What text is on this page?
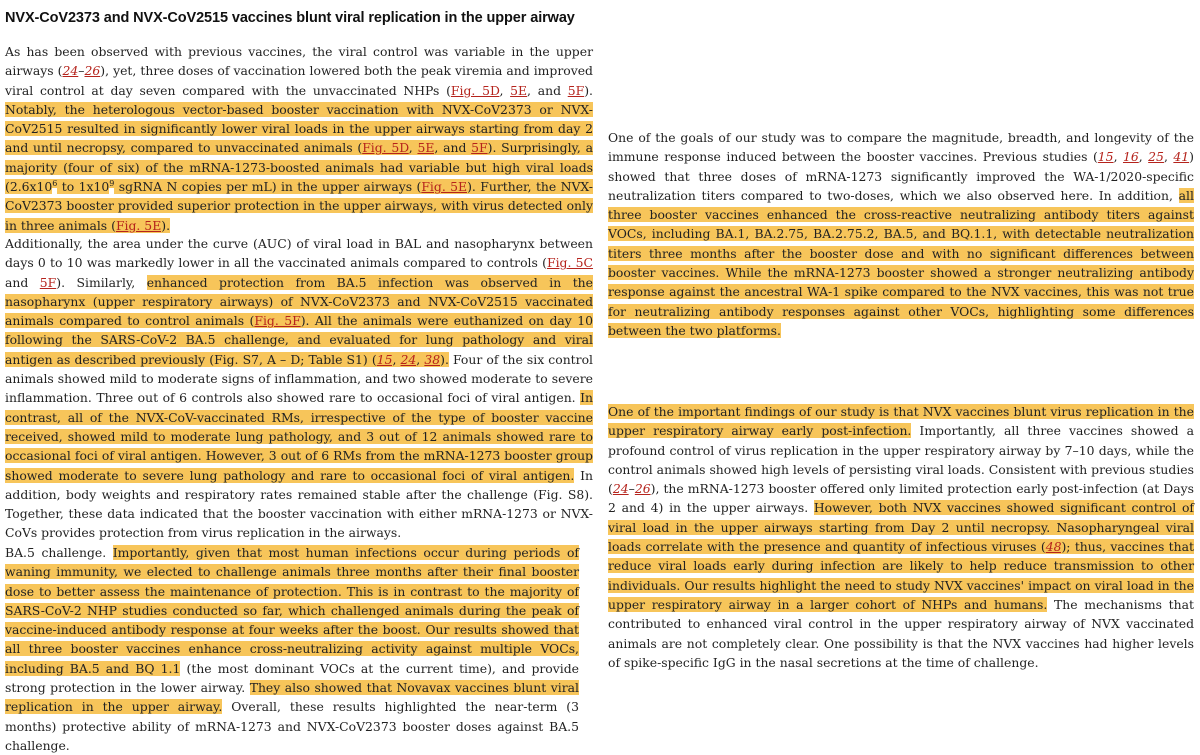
NVX-CoV2373 and NVX-CoV2515 vaccines blunt viral replication in the upper airway

As has been observed with previous vaccines, the viral control was variable in the upper airways (24–26), yet, three doses of vaccination lowered both the peak viremia and improved viral control at day seven compared with the unvaccinated NHPs (Fig. 5D, 5E, and 5F). Notably, the heterologous vector-based booster vaccination with NVX-CoV2373 or NVX-CoV2515 resulted in significantly lower viral loads in the upper airways starting from day 2 and until necropsy, compared to unvaccinated animals (Fig. 5D, 5E, and 5F). Surprisingly, a majority (four of six) of the mRNA-1273-boosted animals had variable but high viral loads ($2.6x10^6$ to $1x10^9$ sgRNA N copies per mL) in the upper airways (Fig. 5E). Further, the NVX-CoV2373 booster provided superior protection in the upper airways, with virus detected only in three animals (Fig. 5E).

Additionally, the area under the curve (AUC) of viral load in BAL and nasopharynx between days 0 to 10 was markedly lower in all the vaccinated animals compared to controls (Fig. 5C and 5F). Similarly, enhanced protection from BA.5 infection was observed in the nasopharynx (upper respiratory airways) of NVX-CoV2373 and NVX-CoV2515 vaccinated animals compared to control animals (Fig. 5F). All the animals were euthanized on day 10 following the SARS-CoV-2 BA.5 challenge, and evaluated for lung pathology and viral antigen as described previously (Fig. S7, A – D; Table S1) (15, 24, 38). Four of the six control animals showed mild to moderate signs of inflammation, and two showed moderate to severe inflammation. Three out of 6 controls also showed rare to occasional foci of viral antigen. In contrast, all of the NVX-CoV-vaccinated RMs, irrespective of the type of booster vaccine received, showed mild to moderate lung pathology, and 3 out of 12 animals showed rare to occasional foci of viral antigen. However, 3 out of 6 RMs from the mRNA-1273 booster group showed moderate to severe lung pathology and rare to occasional foci of viral antigen. In addition, body weights and respiratory rates remained stable after the challenge (Fig. S8). Together, these data indicated that the booster vaccination with either mRNA-1273 or NVX-CoVs provides protection from virus replication in the airways.

BA.5 challenge. Importantly, given that most human infections occur during periods of waning immunity, we elected to challenge animals three months after their final booster dose to better assess the maintenance of protection. This is in contrast to the majority of SARS-CoV-2 NHP studies conducted so far, which challenged animals during the peak of vaccine-induced antibody response at four weeks after the boost. Our results showed that all three booster vaccines enhance cross-neutralizing activity against multiple VOCs, including BA.5 and BQ 1.1 (the most dominant VOCs at the current time), and provide strong protection in the lower airway. They also showed that Novavax vaccines blunt viral replication in the upper airway. Overall, these results highlighted the near-term (3 months) protective ability of mRNA-1273 and NVX-CoV2373 booster doses against BA.5 challenge.

One of the goals of our study was to compare the magnitude, breadth, and longevity of the immune response induced between the booster vaccines. Previous studies (15, 16, 25, 41) showed that three doses of mRNA-1273 significantly improved the WA-1/2020-specific neutralization titers compared to two-doses, which we also observed here. In addition, all three booster vaccines enhanced the cross-reactive neutralizing antibody titers against VOCs, including BA.1, BA.2.75, BA.2.75.2, BA.5, and BQ.1.1, with detectable neutralization titers three months after the booster dose and with no significant differences between booster vaccines. While the mRNA-1273 booster showed a stronger neutralizing antibody response against the ancestral WA-1 spike compared to the NVX vaccines, this was not true for neutralizing antibody responses against other VOCs, highlighting some differences between the two platforms.

One of the important findings of our study is that NVX vaccines blunt virus replication in the upper respiratory airway early post-infection. Importantly, all three vaccines showed a profound control of virus replication in the upper respiratory airway by 7–10 days, while the control animals showed high levels of persisting viral loads. Consistent with previous studies (24–26), the mRNA-1273 booster offered only limited protection early post-infection (at Days 2 and 4) in the upper airways. However, both NVX vaccines showed significant control of viral load in the upper airways starting from Day 2 until necropsy. Nasopharyngeal viral loads correlate with the presence and quantity of infectious viruses (48); thus, vaccines that reduce viral loads early during infection are likely to help reduce transmission to other individuals. Our results highlight the need to study NVX vaccines' impact on viral load in the upper respiratory airway in a larger cohort of NHPs and humans. The mechanisms that contributed to enhanced viral control in the upper respiratory airway of NVX vaccinated animals are not completely clear. One possibility is that the NVX vaccines had higher levels of spike-specific IgG in the nasal secretions at the time of challenge.
